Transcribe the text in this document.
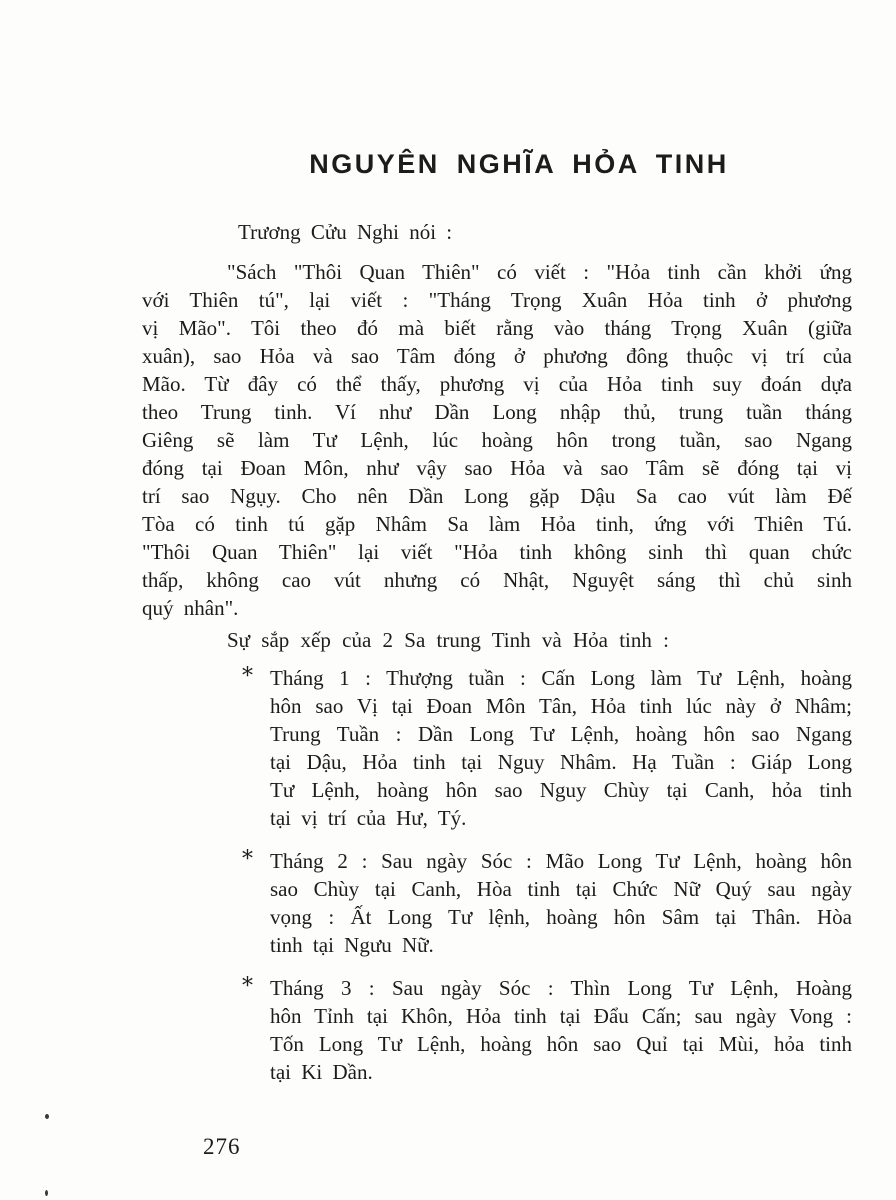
NGUYÊN NGHĨA HỎA TINH

Trương Cửu Nghi nói :

"Sách "Thôi Quan Thiên" có viết : "Hỏa tinh cần khởi ứng
với Thiên tú", lại viết : "Tháng Trọng Xuân Hỏa tinh ở phương
vị Mão". Tôi theo đó mà biết rằng vào tháng Trọng Xuân (giữa
xuân), sao Hỏa và sao Tâm đóng ở phương đông thuộc vị trí của
Mão. Từ đây có thể thấy, phương vị của Hỏa tinh suy đoán dựa
theo Trung tinh. Ví như Dần Long nhập thủ, trung tuần tháng
Giêng sẽ làm Tư Lệnh, lúc hoàng hôn trong tuần, sao Ngang
đóng tại Đoan Môn, như vậy sao Hỏa và sao Tâm sẽ đóng tại vị
trí sao Ngụy. Cho nên Dần Long gặp Dậu Sa cao vút làm Đế
Tòa có tinh tú gặp Nhâm Sa làm Hỏa tinh, ứng với Thiên Tú.
"Thôi Quan Thiên" lại viết "Hỏa tinh không sinh thì quan chức
thấp, không cao vút nhưng có Nhật, Nguyệt sáng thì chủ sinh
quý nhân".

Sự sắp xếp của 2 Sa trung Tinh và Hỏa tinh :

* Tháng 1 : Thượng tuần : Cấn Long làm Tư Lệnh, hoàng
hôn sao Vị tại Đoan Môn Tân, Hỏa tinh lúc này ở Nhâm;
Trung Tuần : Dần Long Tư Lệnh, hoàng hôn sao Ngang
tại Dậu, Hỏa tinh tại Nguy Nhâm. Hạ Tuần : Giáp Long
Tư Lệnh, hoàng hôn sao Nguy Chùy tại Canh, hỏa tinh
tại vị trí của Hư, Tý.
* Tháng 2 : Sau ngày Sóc : Mão Long Tư Lệnh, hoàng hôn
sao Chùy tại Canh, Hòa tinh tại Chức Nữ Quý sau ngày
vọng : Ất Long Tư lệnh, hoàng hôn Sâm tại Thân. Hòa
tinh tại Ngưu Nữ.
* Tháng 3 : Sau ngày Sóc : Thìn Long Tư Lệnh, Hoàng
hôn Tỉnh tại Khôn, Hỏa tinh tại Đẩu Cấn; sau ngày Vong :
Tốn Long Tư Lệnh, hoàng hôn sao Quỉ tại Mùi, hỏa tinh
tại Ki Dần.
276
